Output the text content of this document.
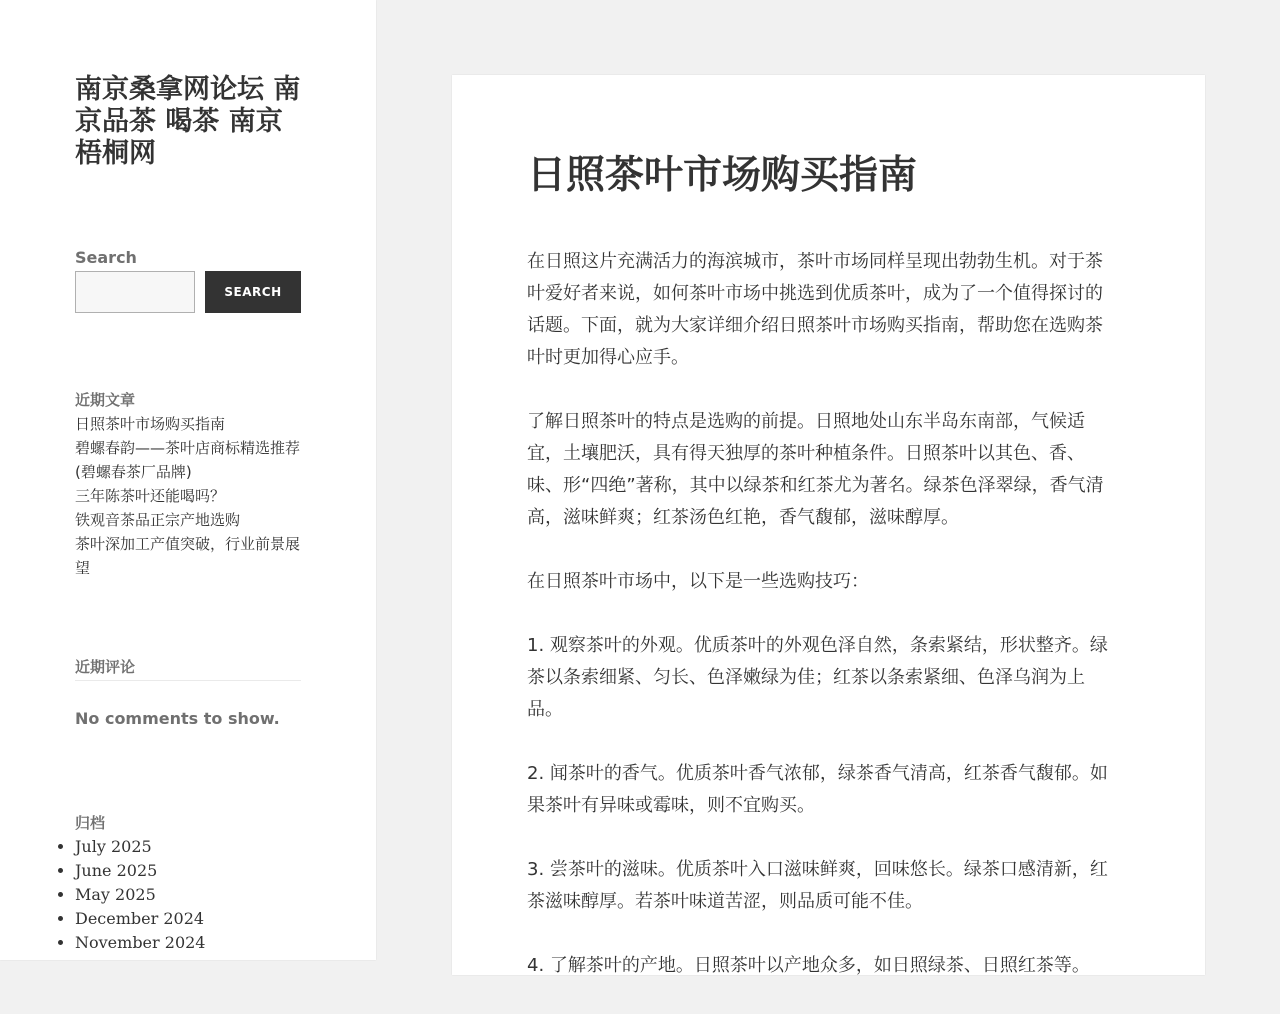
南京桑拿网论坛 南京品茶 喝茶 南京梧桐网
Search
SEARCH
近期文章
日照茶叶市场购买指南
碧螺春韵——茶叶店商标精选推荐(碧螺春茶厂品牌)
三年陈茶叶还能喝吗？
铁观音茶品正宗产地选购
茶叶深加工产值突破，行业前景展望
近期评论

No comments to show.

归档
• July 2025
• June 2025
• May 2025
• December 2024
• November 2024
日照茶叶市场购买指南

在日照这片充满活力的海滨城市，茶叶市场同样呈现出勃勃生机。对于茶叶爱好者来说，如何茶叶市场中挑选到优质茶叶，成为了一个值得探讨的话题。下面，就为大家详细介绍日照茶叶市场购买指南，帮助您在选购茶叶时更加得心应手。

了解日照茶叶的特点是选购的前提。日照地处山东半岛东南部，气候适宜，土壤肥沃，具有得天独厚的茶叶种植条件。日照茶叶以其色、香、味、形“四绝”著称，其中以绿茶和红茶尤为著名。绿茶色泽翠绿，香气清高，滋味鲜爽；红茶汤色红艳，香气馥郁，滋味醇厚。

在日照茶叶市场中，以下是一些选购技巧：

1. 观察茶叶的外观。优质茶叶的外观色泽自然，条索紧结，形状整齐。绿茶以条索细紧、匀长、色泽嫩绿为佳；红茶以条索紧细、色泽乌润为上品。

2. 闻茶叶的香气。优质茶叶香气浓郁，绿茶香气清高，红茶香气馥郁。如果茶叶有异味或霉味，则不宜购买。

3. 尝茶叶的滋味。优质茶叶入口滋味鲜爽，回味悠长。绿茶口感清新，红茶滋味醇厚。若茶叶味道苦涩，则品质可能不佳。

4. 了解茶叶的产地。日照茶叶以产地众多，如日照绿茶、日照红茶等。
